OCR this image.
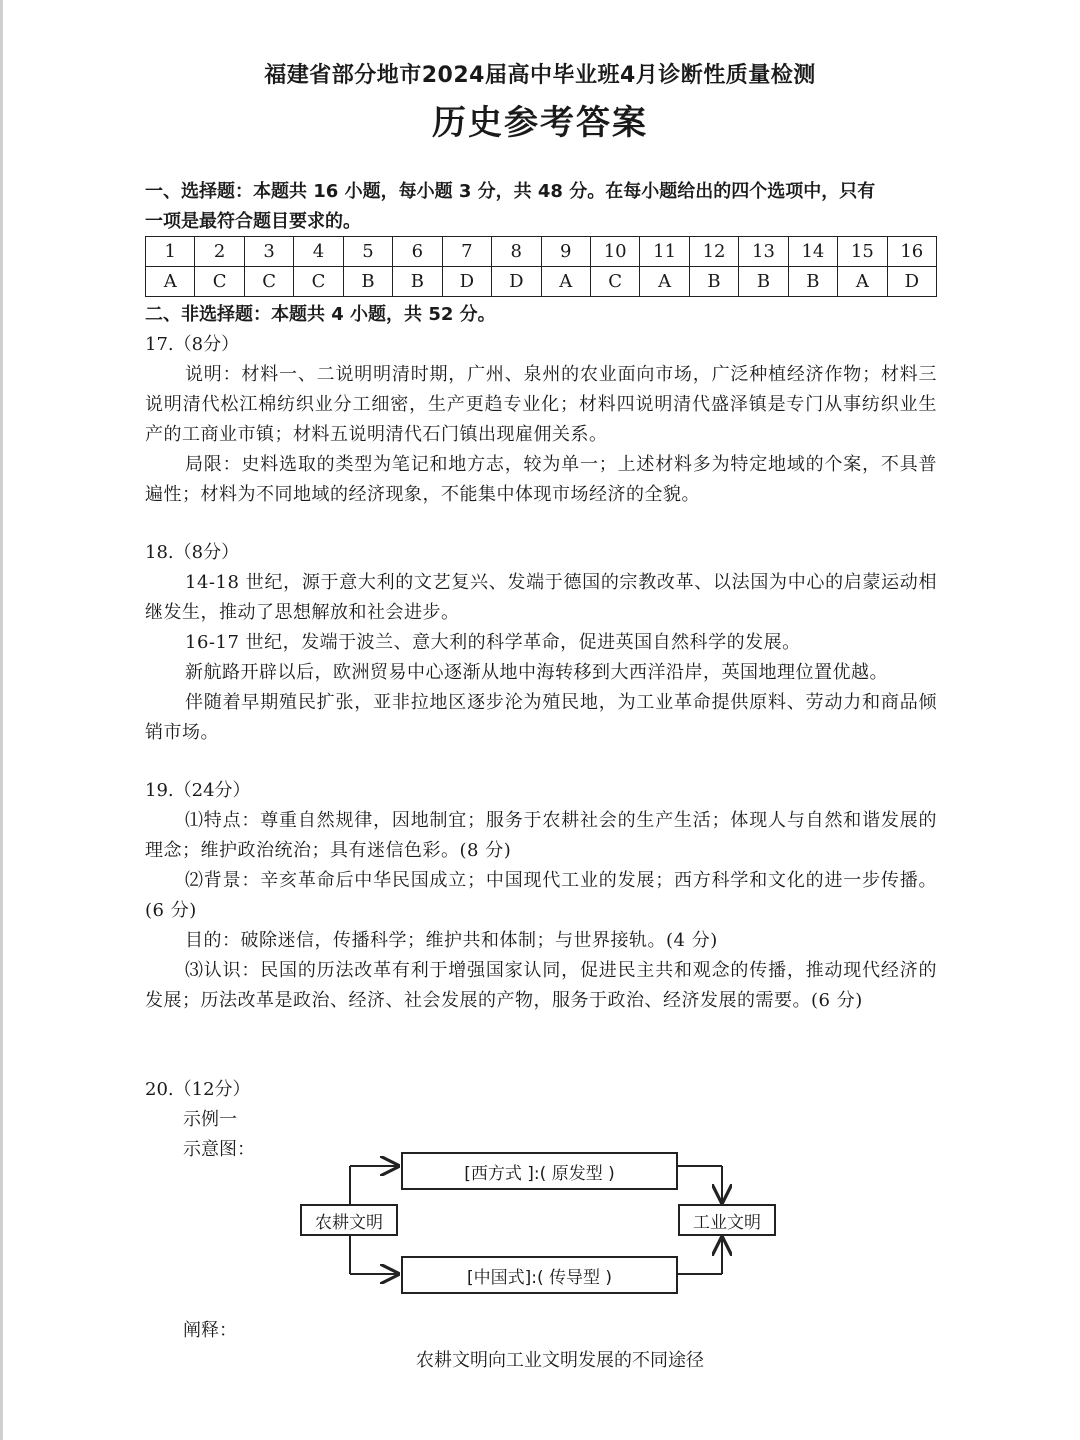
福建省部分地市2024届高中毕业班4月诊断性质量检测
历史参考答案
一、选择题：本题共 16 小题，每小题 3 分，共 48 分。在每小题给出的四个选项中，只有
一项是最符合题目要求的。
1	2	3	4	5	6	7	8	9	10	11	12	13	14	15	16
A	C	C	C	B	B	D	D	A	C	A	B	B	B	A	D
二、非选择题：本题共 4 小题，共 52 分。
17.（8分）
说明：材料一、二说明明清时期，广州、泉州的农业面向市场，广泛种植经济作物；材料三说明清代松江棉纺织业分工细密，生产更趋专业化；材料四说明清代盛泽镇是专门从事纺织业生产的工商业市镇；材料五说明清代石门镇出现雇佣关系。
局限：史料选取的类型为笔记和地方志，较为单一；上述材料多为特定地域的个案，不具普遍性；材料为不同地域的经济现象，不能集中体现市场经济的全貌。
18.（8分）
14-18 世纪，源于意大利的文艺复兴、发端于德国的宗教改革、以法国为中心的启蒙运动相继发生，推动了思想解放和社会进步。
16-17 世纪，发端于波兰、意大利的科学革命，促进英国自然科学的发展。
新航路开辟以后，欧洲贸易中心逐渐从地中海转移到大西洋沿岸，英国地理位置优越。
伴随着早期殖民扩张，亚非拉地区逐步沦为殖民地，为工业革命提供原料、劳动力和商品倾销市场。
19.（24分）
⑴特点：尊重自然规律，因地制宜；服务于农耕社会的生产生活；体现人与自然和谐发展的理念；维护政治统治；具有迷信色彩。(8 分)
⑵背景：辛亥革命后中华民国成立；中国现代工业的发展；西方科学和文化的进一步传播。(6 分)
目的：破除迷信，传播科学；维护共和体制；与世界接轨。(4 分)
⑶认识：民国的历法改革有利于增强国家认同，促进民主共和观念的传播，推动现代经济的发展；历法改革是政治、经济、社会发展的产物，服务于政治、经济发展的需要。(6 分)
20.（12分）
示例一
示意图：
农耕文明	工业文明
[西方式 ]:( 原发型 )
[中国式]:( 传导型 )
阐释：
农耕文明向工业文明发展的不同途径
